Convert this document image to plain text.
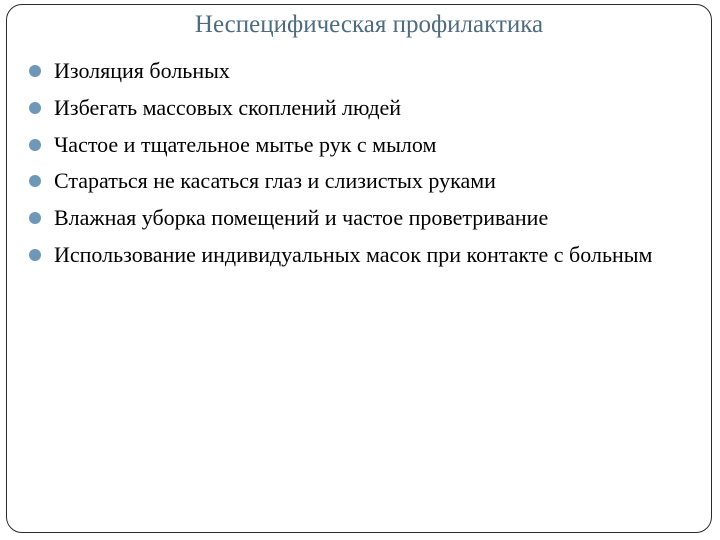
Неспецифическая профилактика
Изоляция больных
Избегать массовых скоплений людей
Частое и тщательное мытье рук с мылом
Стараться не касаться глаз и слизистых руками
Влажная уборка помещений и частое проветривание
Использование индивидуальных масок при контакте с больным
